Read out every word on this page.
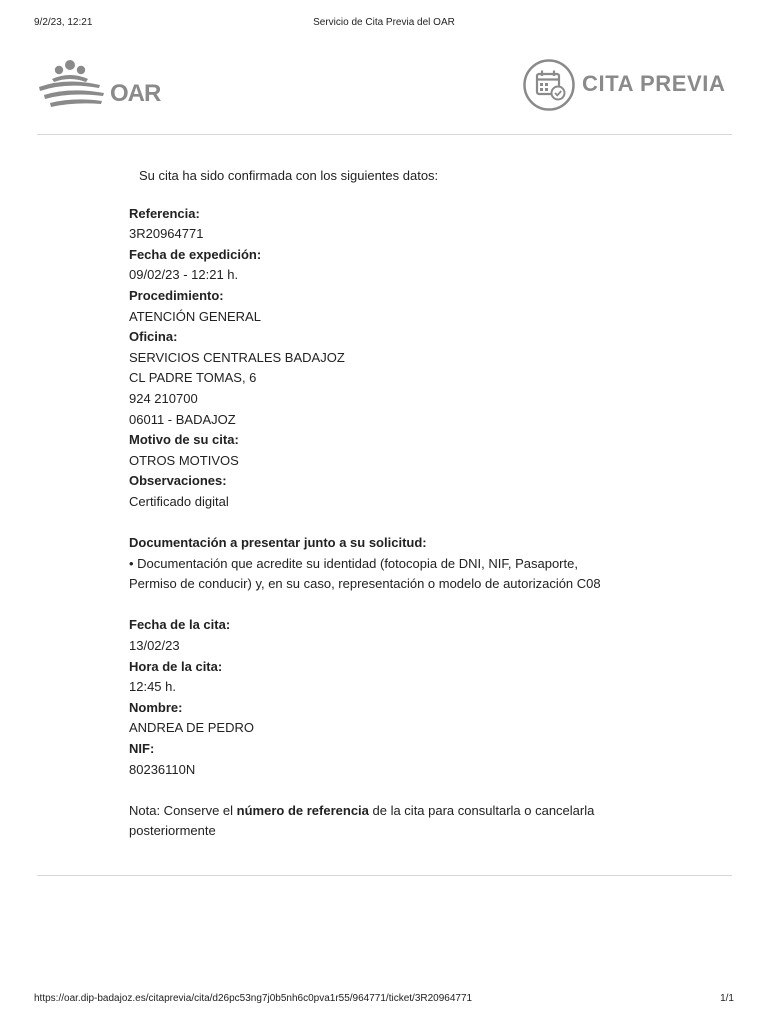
9/2/23, 12:21	Servicio de Cita Previa del OAR
OAR	CITA PREVIA
Su cita ha sido confirmada con los siguientes datos:
Referencia:
3R20964771
Fecha de expedición:
09/02/23 - 12:21 h.
Procedimiento:
ATENCIÓN GENERAL
Oficina:
SERVICIOS CENTRALES BADAJOZ
CL PADRE TOMAS, 6
924 210700
06011 - BADAJOZ
Motivo de su cita:
OTROS MOTIVOS
Observaciones:
Certificado digital
Documentación a presentar junto a su solicitud:
• Documentación que acredite su identidad (fotocopia de DNI, NIF, Pasaporte,
Permiso de conducir) y, en su caso, representación o modelo de autorización C08
Fecha de la cita:
13/02/23
Hora de la cita:
12:45 h.
Nombre:
ANDREA DE PEDRO
NIF:
80236110N
Nota: Conserve el número de referencia de la cita para consultarla o cancelarla
posteriormente
https://oar.dip-badajoz.es/citaprevia/cita/d26pc53ng7j0b5nh6c0pva1r55/964771/ticket/3R20964771	1/1
